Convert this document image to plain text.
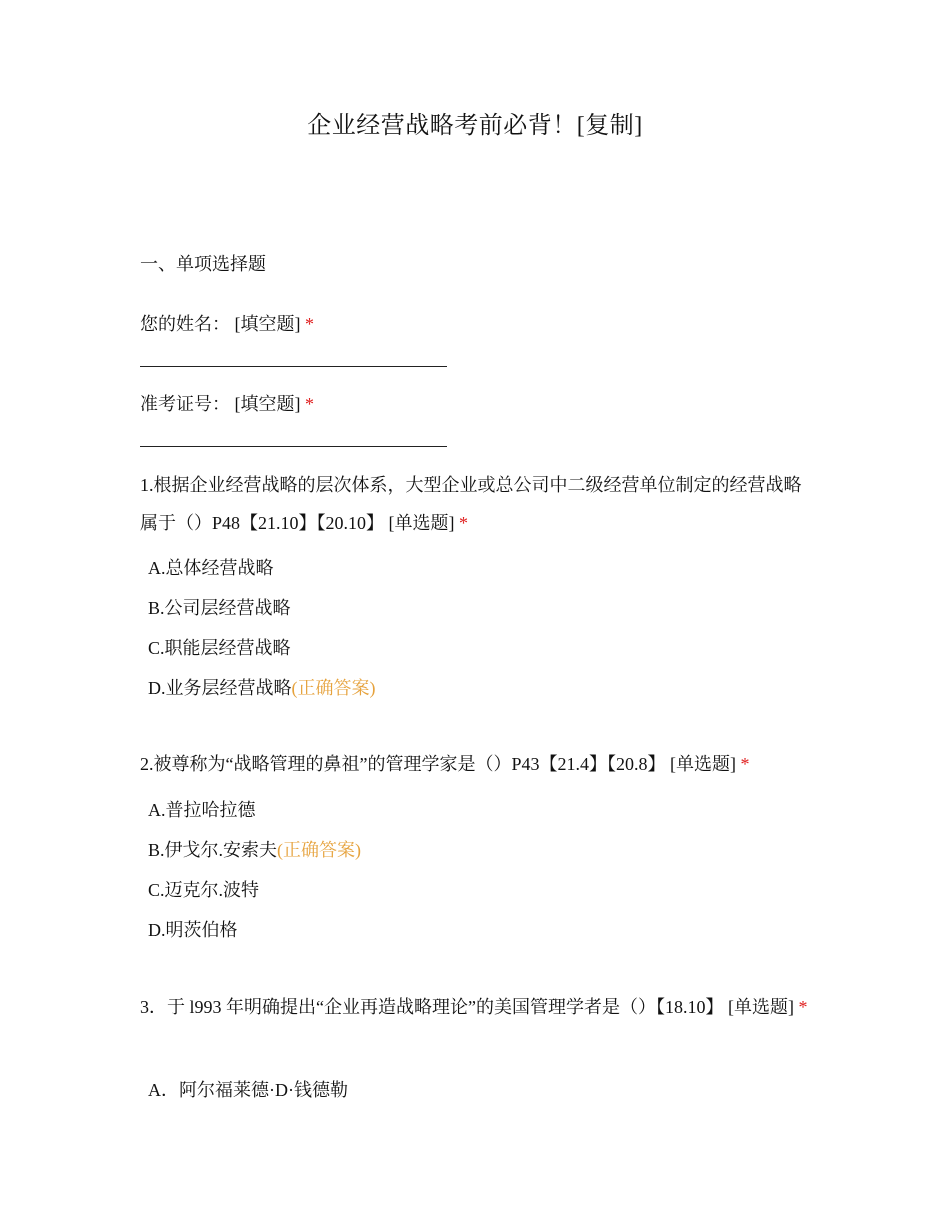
企业经营战略考前必背！[复制]
一、单项选择题
您的姓名： [填空题] *
准考证号： [填空题] *
1.根据企业经营战略的层次体系，大型企业或总公司中二级经营单位制定的经营战略属于（）P48【21.10】【20.10】 [单选题] *
A.总体经营战略
B.公司层经营战略
C.职能层经营战略
D.业务层经营战略(正确答案)
2.被尊称为“战略管理的鼻祖”的管理学家是（）P43【21.4】【20.8】 [单选题] *
A.普拉哈拉德
B.伊戈尔.安索夫(正确答案)
C.迈克尔.波特
D.明茨伯格
3．于 l993 年明确提出“企业再造战略理论”的美国管理学者是（）【18.10】 [单选题] *
A．阿尔福莱德·D·钱德勒
